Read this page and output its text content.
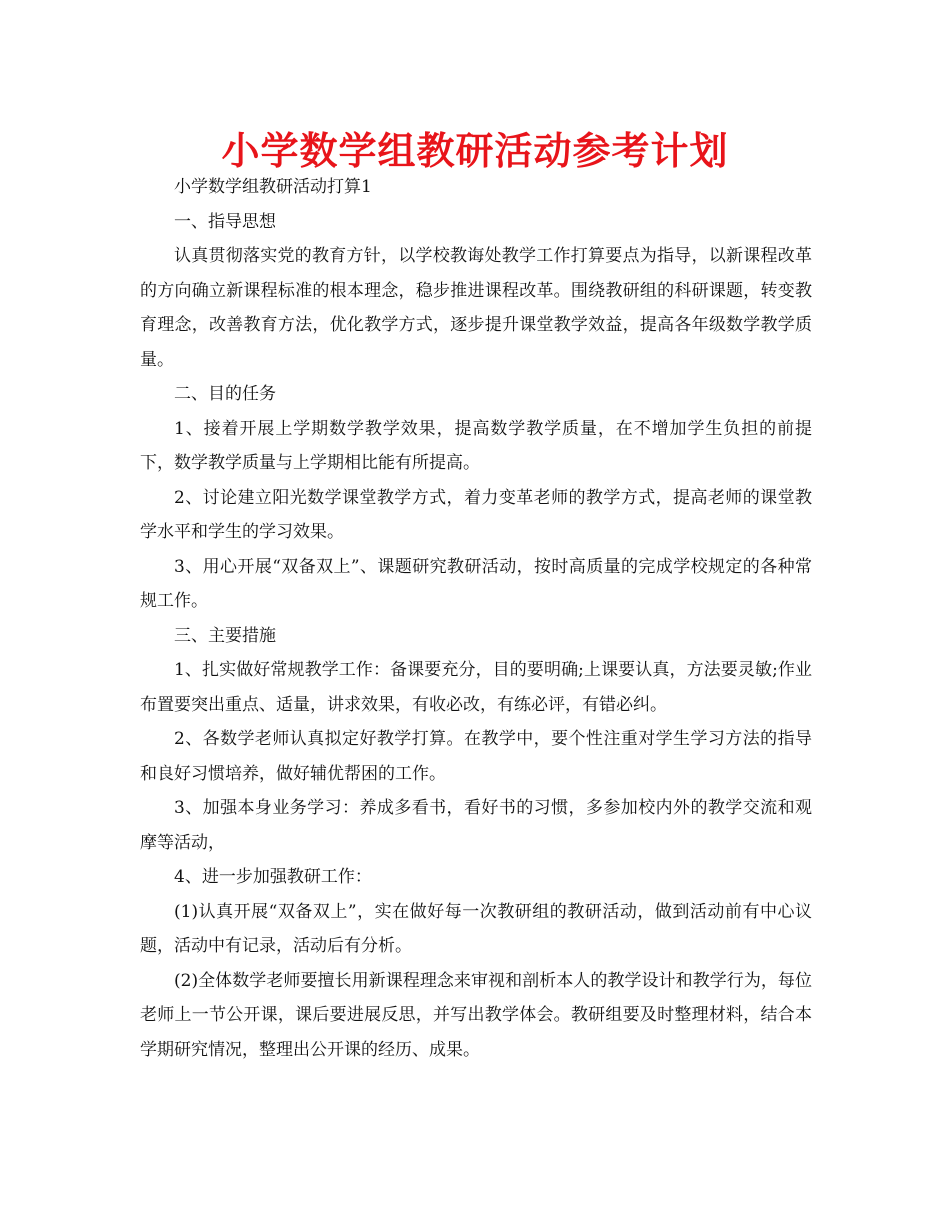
小学数学组教研活动参考计划

小学数学组教研活动打算1

一、指导思想

认真贯彻落实党的教育方针，以学校教诲处教学工作打算要点为指导，以新课程改革的方向确立新课程标准的根本理念，稳步推进课程改革。围绕教研组的科研课题，转变教育理念，改善教育方法，优化教学方式，逐步提升课堂教学效益，提高各年级数学教学质量。

二、目的任务

1、接着开展上学期数学教学效果，提高数学教学质量，在不增加学生负担的前提下，数学教学质量与上学期相比能有所提高。

2、讨论建立阳光数学课堂教学方式，着力变革老师的教学方式，提高老师的课堂教学水平和学生的学习效果。

3、用心开展“双备双上”、课题研究教研活动，按时高质量的完成学校规定的各种常规工作。

三、主要措施

1、扎实做好常规教学工作：备课要充分，目的要明确;上课要认真，方法要灵敏;作业布置要突出重点、适量，讲求效果，有收必改，有练必评，有错必纠。

2、各数学老师认真拟定好教学打算。在教学中，要个性注重对学生学习方法的指导和良好习惯培养，做好辅优帮困的工作。

3、加强本身业务学习：养成多看书，看好书的习惯，多参加校内外的教学交流和观摩等活动，

4、进一步加强教研工作：

(1)认真开展“双备双上”，实在做好每一次教研组的教研活动，做到活动前有中心议题，活动中有记录，活动后有分析。

(2)全体数学老师要擅长用新课程理念来审视和剖析本人的教学设计和教学行为，每位老师上一节公开课，课后要进展反思，并写出教学体会。教研组要及时整理材料，结合本学期研究情况，整理出公开课的经历、成果。
